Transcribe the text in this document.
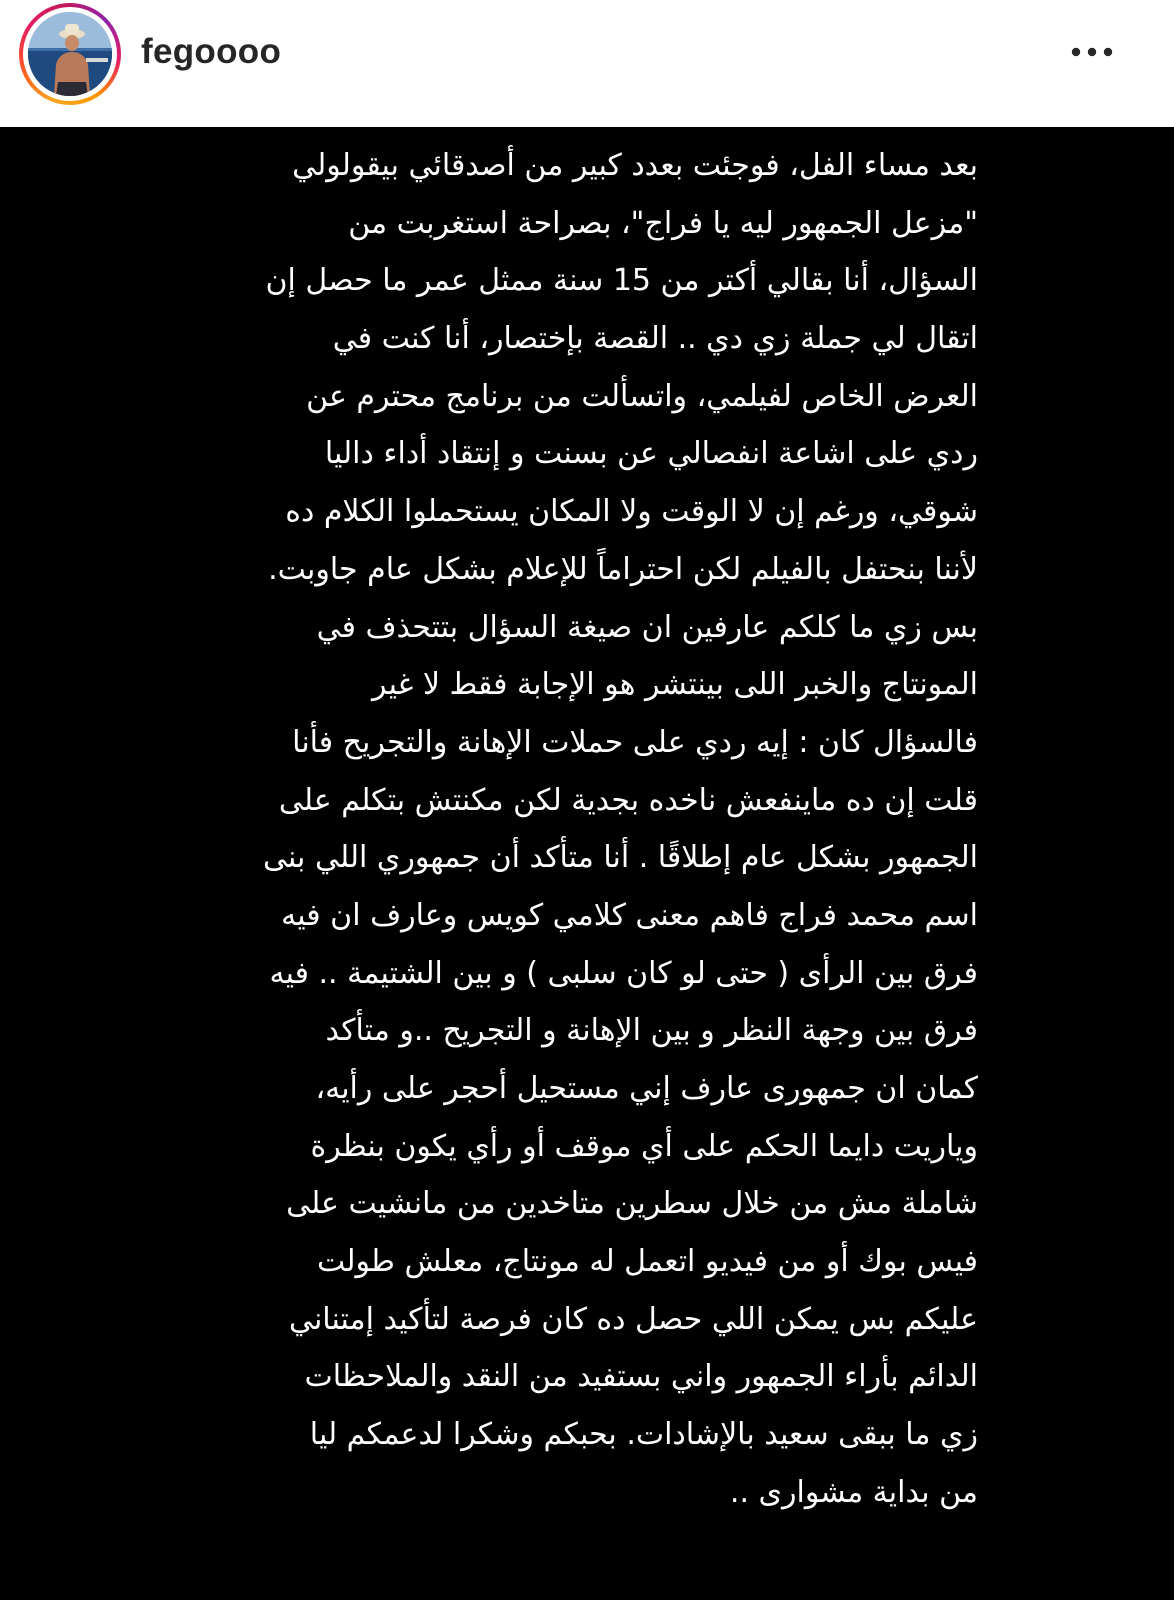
fegoooo
بعد مساء الفل، فوجئت بعدد كبير من أصدقائي بيقولولي
"مزعل الجمهور ليه يا فراج"، بصراحة استغربت من
السؤال، أنا بقالي أكتر من 15 سنة ممثل عمر ما حصل إن
اتقال لي جملة زي دي .. القصة بإختصار، أنا كنت في
العرض الخاص لفيلمي، واتسألت من برنامج محترم عن
ردي على اشاعة انفصالي عن بسنت و إنتقاد أداء داليا
شوقي، ورغم إن لا الوقت ولا المكان يستحملوا الكلام ده
لأننا بنحتفل بالفيلم لكن احتراماً للإعلام بشكل عام جاوبت.
بس زي ما كلكم عارفين ان صيغة السؤال بتتحذف في
المونتاج والخبر اللى بينتشر هو الإجابة فقط لا غير
فالسؤال كان : إيه ردي على حملات الإهانة والتجريح فأنا
قلت إن ده ماينفعش ناخده بجدية لكن مكنتش بتكلم على
الجمهور بشكل عام إطلاقًا . أنا متأكد أن جمهوري اللي بنى
اسم محمد فراج فاهم معنى كلامي كويس وعارف ان فيه
فرق بين الرأى ( حتى لو كان سلبى ) و بين الشتيمة .. فيه
فرق بين وجهة النظر و بين الإهانة و التجريح ..و متأكد
كمان ان جمهورى عارف إني مستحيل أحجر على رأيه،
وياريت دايما الحكم على أي موقف أو رأي يكون بنظرة
شاملة مش من خلال سطرين متاخدين من مانشيت على
فيس بوك أو من فيديو اتعمل له مونتاج، معلش طولت
عليكم بس يمكن اللي حصل ده كان فرصة لتأكيد إمتناني
الدائم بأراء الجمهور واني بستفيد من النقد والملاحظات
زي ما ببقى سعيد بالإشادات. بحبكم وشكرا لدعمكم ليا
من بداية مشوارى ..
